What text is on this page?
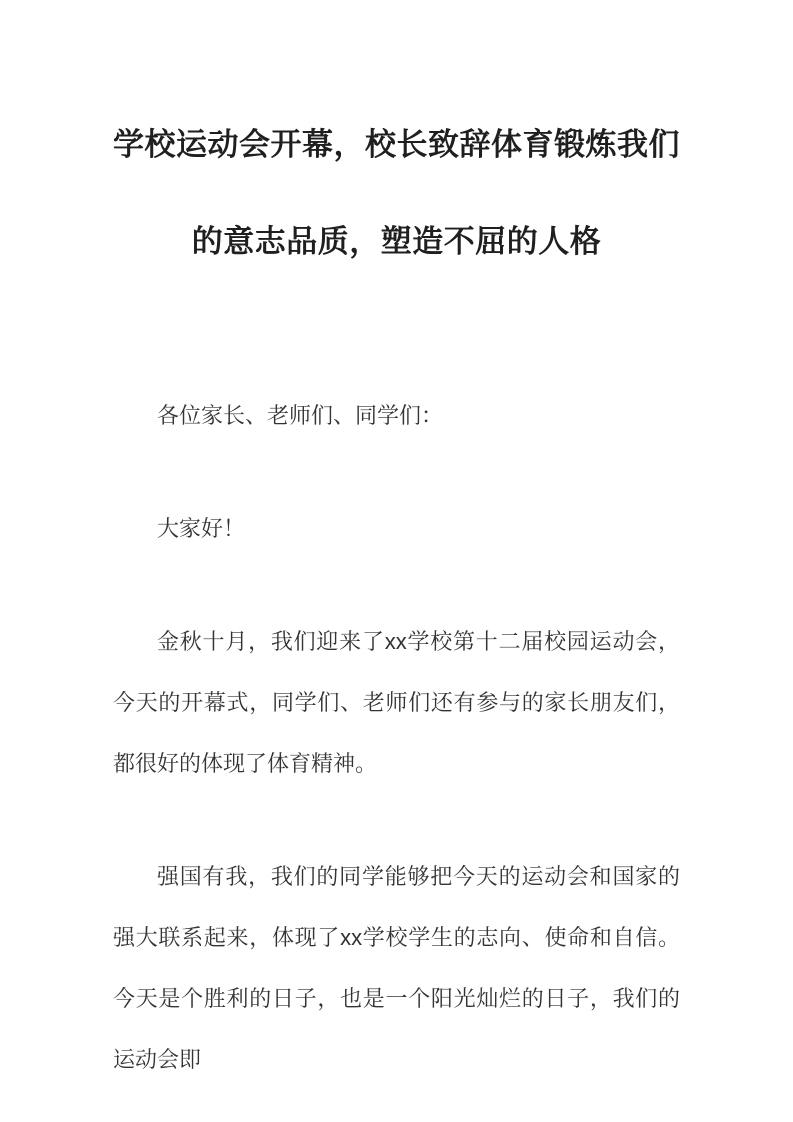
学校运动会开幕，校长致辞体育锻炼我们的意志品质，塑造不屈的人格

各位家长、老师们、同学们：

大家好！

金秋十月，我们迎来了xx学校第十二届校园运动会，今天的开幕式，同学们、老师们还有参与的家长朋友们，都很好的体现了体育精神。

强国有我，我们的同学能够把今天的运动会和国家的强大联系起来，体现了xx学校学生的志向、使命和自信。今天是个胜利的日子，也是一个阳光灿烂的日子，我们的运动会即
